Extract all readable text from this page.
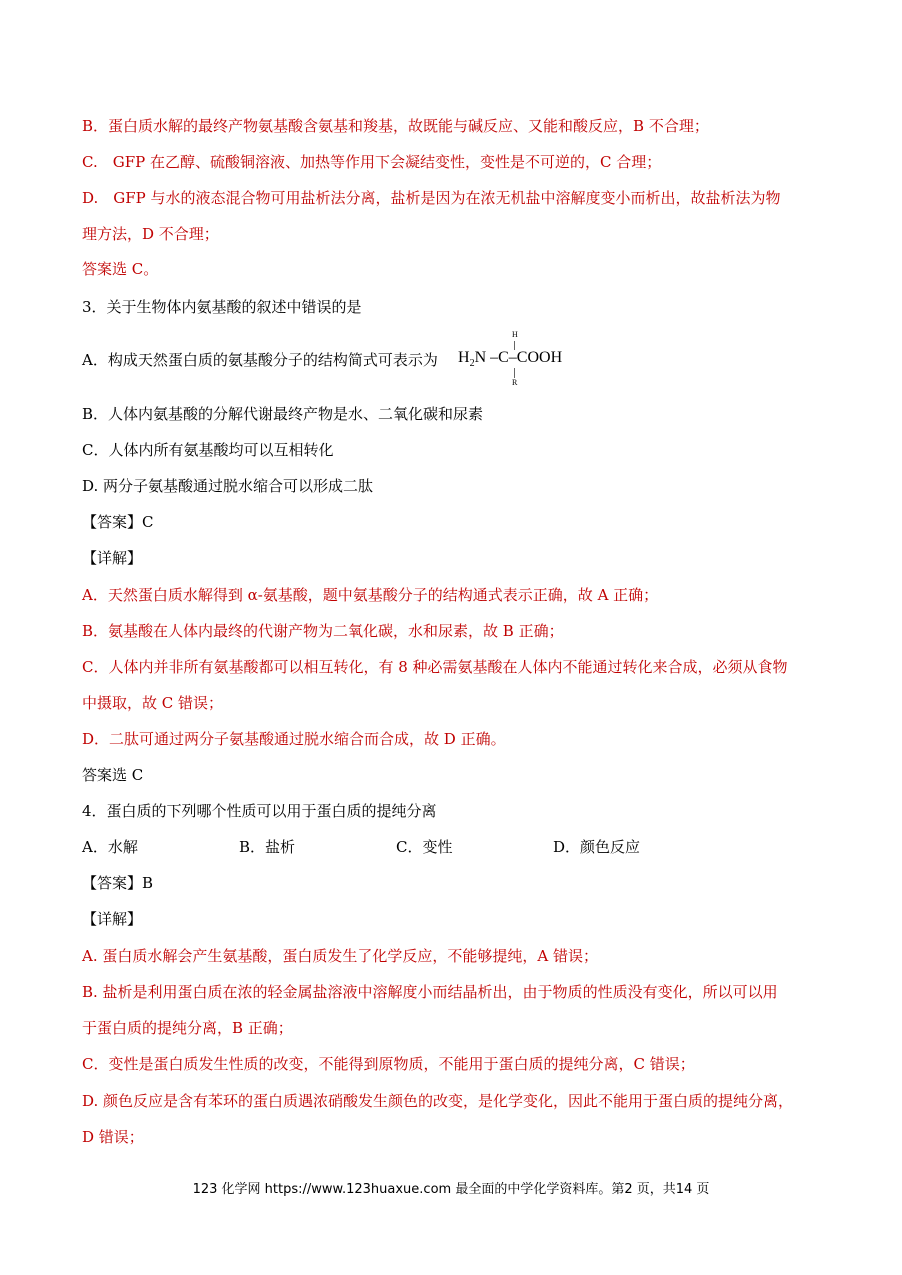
B．蛋白质水解的最终产物氨基酸含氨基和羧基，故既能与碱反应、又能和酸反应，B 不合理；
C.　GFP 在乙醇、硫酸铜溶液、加热等作用下会凝结变性，变性是不可逆的，C 合理；
D.　GFP 与水的液态混合物可用盐析法分离，盐析是因为在浓无机盐中溶解度变小而析出，故盐析法为物
理方法，D 不合理；
答案选 C。
3．关于生物体内氨基酸的叙述中错误的是
A．构成天然蛋白质的氨基酸分子的结构简式可表示为
H
$H_2N$ –C–COOH
R
B．人体内氨基酸的分解代谢最终产物是水、二氧化碳和尿素
C．人体内所有氨基酸均可以互相转化
D. 两分子氨基酸通过脱水缩合可以形成二肽
【答案】C
【详解】
A．天然蛋白质水解得到 α-氨基酸，题中氨基酸分子的结构通式表示正确，故 A 正确；
B．氨基酸在人体内最终的代谢产物为二氧化碳，水和尿素，故 B 正确；
C．人体内并非所有氨基酸都可以相互转化，有 8 种必需氨基酸在人体内不能通过转化来合成，必须从食物
中摄取，故 C 错误；
D．二肽可通过两分子氨基酸通过脱水缩合而合成，故 D 正确。
答案选 C
4．蛋白质的下列哪个性质可以用于蛋白质的提纯分离
A．水解	B．盐析	C．变性	D．颜色反应
【答案】B
【详解】
A. 蛋白质水解会产生氨基酸，蛋白质发生了化学反应，不能够提纯，A 错误；
B. 盐析是利用蛋白质在浓的轻金属盐溶液中溶解度小而结晶析出，由于物质的性质没有变化，所以可以用
于蛋白质的提纯分离，B 正确；
C．变性是蛋白质发生性质的改变，不能得到原物质，不能用于蛋白质的提纯分离，C 错误；
D. 颜色反应是含有苯环的蛋白质遇浓硝酸发生颜色的改变，是化学变化，因此不能用于蛋白质的提纯分离，
D 错误；
123 化学网 https://www.123huaxue.com 最全面的中学化学资料库。第2 页，共14 页
